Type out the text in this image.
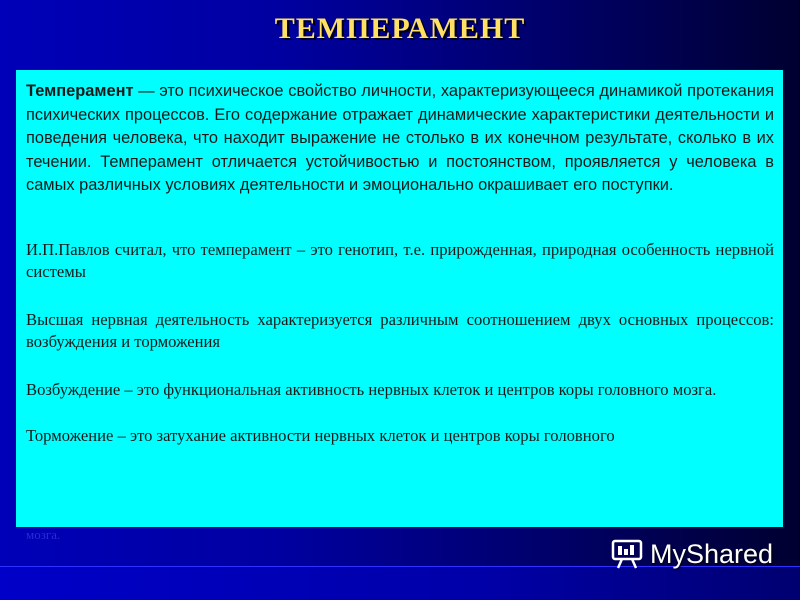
ТЕМПЕРАМЕНТ

Темперамент — это психическое свойство личности, характеризующееся динамикой протекания психических процессов. Его содержание отражает динамические характеристики деятельности и поведения человека, что находит выражение не столько в их конечном результате, сколько в их течении. Темперамент отличается устойчивостью и постоянством, проявляется у человека в самых различных условиях деятельности и эмоционально окрашивает его поступки.

И.П.Павлов считал, что темперамент – это генотип, т.е. прирожденная, природная особенность нервной системы

Высшая нервная деятельность характеризуется различным соотношением двух основных процессов: возбуждения и торможения

Возбуждение – это функциональная активность нервных клеток и центров коры головного мозга.

Торможение – это затухание активности нервных клеток и центров коры головного

мозга.
MyShared
